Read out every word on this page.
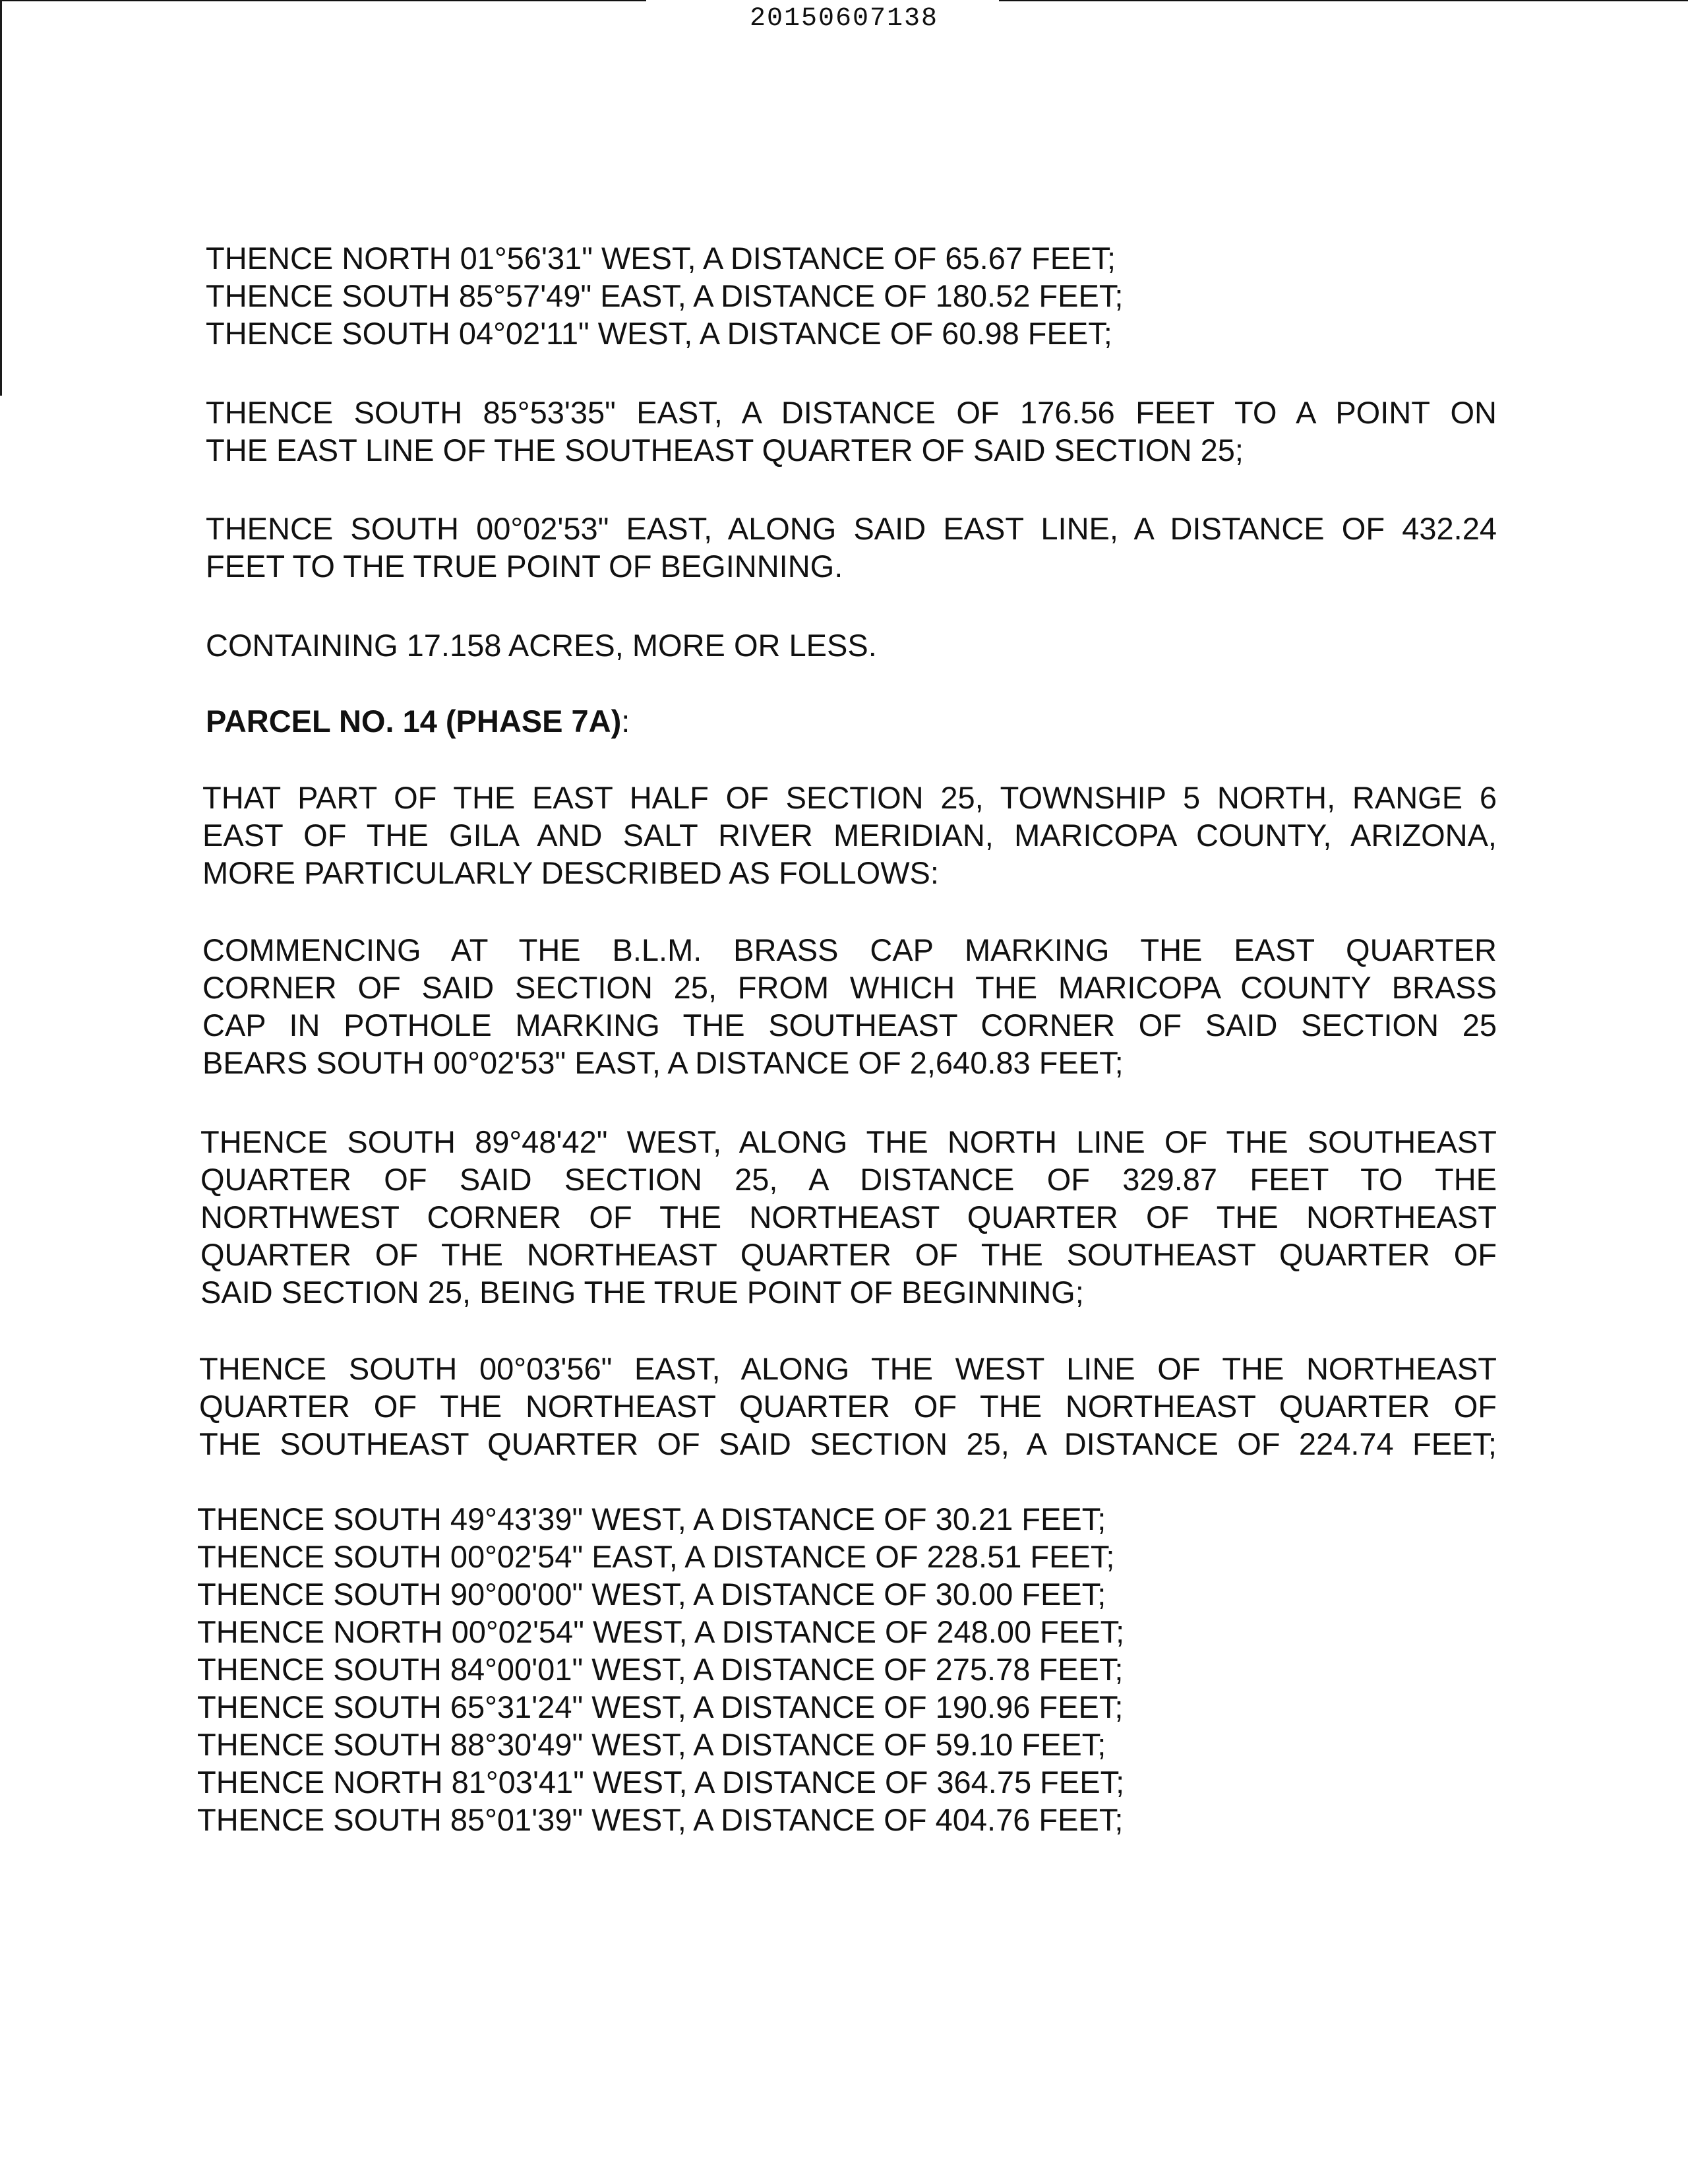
20150607138
THENCE NORTH 01°56'31" WEST, A DISTANCE OF 65.67 FEET;
THENCE SOUTH 85°57'49" EAST, A DISTANCE OF 180.52 FEET;
THENCE SOUTH 04°02'11" WEST, A DISTANCE OF 60.98 FEET;
THENCE SOUTH 85°53'35" EAST, A DISTANCE OF 176.56 FEET TO A POINT ON
THE EAST LINE OF THE SOUTHEAST QUARTER OF SAID SECTION 25;
THENCE SOUTH 00°02'53" EAST, ALONG SAID EAST LINE, A DISTANCE OF 432.24
FEET TO THE TRUE POINT OF BEGINNING.
CONTAINING 17.158 ACRES, MORE OR LESS.
PARCEL NO. 14 (PHASE 7A):
THAT PART OF THE EAST HALF OF SECTION 25, TOWNSHIP 5 NORTH, RANGE 6
EAST OF THE GILA AND SALT RIVER MERIDIAN, MARICOPA COUNTY, ARIZONA,
MORE PARTICULARLY DESCRIBED AS FOLLOWS:
COMMENCING AT THE B.L.M. BRASS CAP MARKING THE EAST QUARTER
CORNER OF SAID SECTION 25, FROM WHICH THE MARICOPA COUNTY BRASS
CAP IN POTHOLE MARKING THE SOUTHEAST CORNER OF SAID SECTION 25
BEARS SOUTH 00°02'53" EAST, A DISTANCE OF 2,640.83 FEET;
THENCE SOUTH 89°48'42" WEST, ALONG THE NORTH LINE OF THE SOUTHEAST
QUARTER OF SAID SECTION 25, A DISTANCE OF 329.87 FEET TO THE
NORTHWEST CORNER OF THE NORTHEAST QUARTER OF THE NORTHEAST
QUARTER OF THE NORTHEAST QUARTER OF THE SOUTHEAST QUARTER OF
SAID SECTION 25, BEING THE TRUE POINT OF BEGINNING;
THENCE SOUTH 00°03'56" EAST, ALONG THE WEST LINE OF THE NORTHEAST
QUARTER OF THE NORTHEAST QUARTER OF THE NORTHEAST QUARTER OF
THE SOUTHEAST QUARTER OF SAID SECTION 25, A DISTANCE OF 224.74 FEET;
THENCE SOUTH 49°43'39" WEST, A DISTANCE OF 30.21 FEET;
THENCE SOUTH 00°02'54" EAST, A DISTANCE OF 228.51 FEET;
THENCE SOUTH 90°00'00" WEST, A DISTANCE OF 30.00 FEET;
THENCE NORTH 00°02'54" WEST, A DISTANCE OF 248.00 FEET;
THENCE SOUTH 84°00'01" WEST, A DISTANCE OF 275.78 FEET;
THENCE SOUTH 65°31'24" WEST, A DISTANCE OF 190.96 FEET;
THENCE SOUTH 88°30'49" WEST, A DISTANCE OF 59.10 FEET;
THENCE NORTH 81°03'41" WEST, A DISTANCE OF 364.75 FEET;
THENCE SOUTH 85°01'39" WEST, A DISTANCE OF 404.76 FEET;
